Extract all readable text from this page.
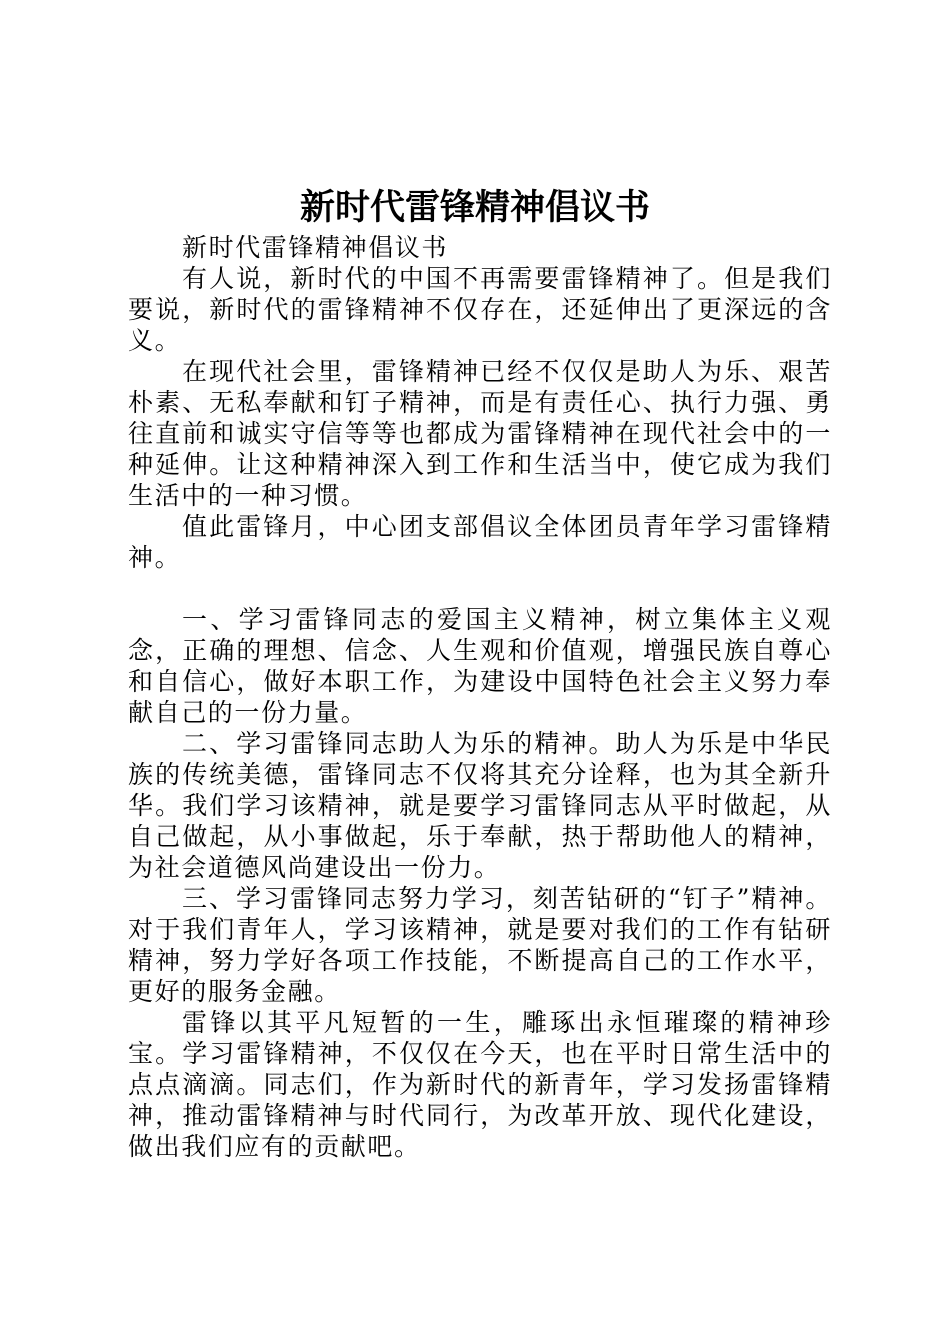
新时代雷锋精神倡议书

新时代雷锋精神倡议书

有人说，新时代的中国不再需要雷锋精神了。但是我们要说，新时代的雷锋精神不仅存在，还延伸出了更深远的含义。

在现代社会里，雷锋精神已经不仅仅是助人为乐、艰苦朴素、无私奉献和钉子精神，而是有责任心、执行力强、勇往直前和诚实守信等等也都成为雷锋精神在现代社会中的一种延伸。让这种精神深入到工作和生活当中，使它成为我们生活中的一种习惯。

值此雷锋月，中心团支部倡议全体团员青年学习雷锋精神。

一、学习雷锋同志的爱国主义精神，树立集体主义观念，正确的理想、信念、人生观和价值观，增强民族自尊心和自信心，做好本职工作，为建设中国特色社会主义努力奉献自己的一份力量。

二、学习雷锋同志助人为乐的精神。助人为乐是中华民族的传统美德，雷锋同志不仅将其充分诠释，也为其全新升华。我们学习该精神，就是要学习雷锋同志从平时做起，从自己做起，从小事做起，乐于奉献，热于帮助他人的精神，为社会道德风尚建设出一份力。

三、学习雷锋同志努力学习，刻苦钻研的“钉子”精神。对于我们青年人，学习该精神，就是要对我们的工作有钻研精神，努力学好各项工作技能，不断提高自己的工作水平，更好的服务金融。

雷锋以其平凡短暂的一生，雕琢出永恒璀璨的精神珍宝。学习雷锋精神，不仅仅在今天，也在平时日常生活中的点点滴滴。同志们，作为新时代的新青年，学习发扬雷锋精神，推动雷锋精神与时代同行，为改革开放、现代化建设，做出我们应有的贡献吧。
